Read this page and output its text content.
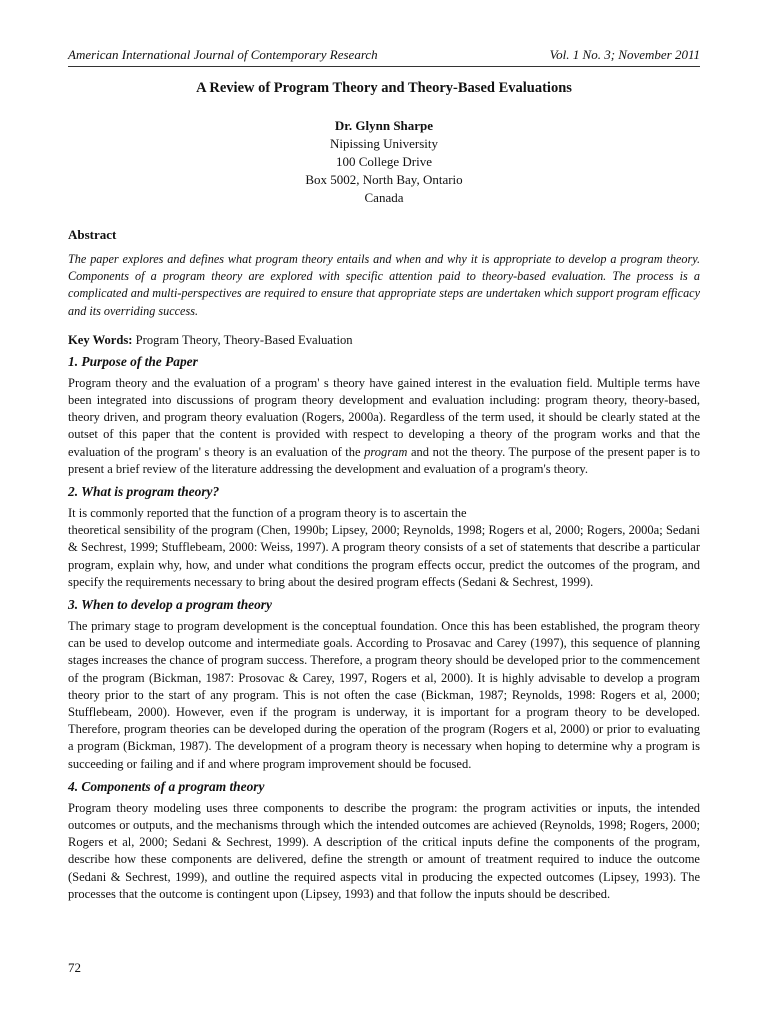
American International Journal of Contemporary Research	Vol. 1 No. 3; November 2011
A Review of Program Theory and Theory-Based Evaluations
Dr. Glynn Sharpe
Nipissing University
100 College Drive
Box 5002, North Bay, Ontario
Canada
Abstract
The paper explores and defines what program theory entails and when and why it is appropriate to develop a program theory. Components of a program theory are explored with specific attention paid to theory-based evaluation. The process is a complicated and multi-perspectives are required to ensure that appropriate steps are undertaken which support program efficacy and its overriding success.
Key Words: Program Theory, Theory-Based Evaluation
1. Purpose of the Paper

Program theory and the evaluation of a program' s theory have gained interest in the evaluation field. Multiple terms have been integrated into discussions of program theory development and evaluation including: program theory, theory-based, theory driven, and program theory evaluation (Rogers, 2000a). Regardless of the term used, it should be clearly stated at the outset of this paper that the content is provided with respect to developing a theory of the program works and that the evaluation of the program' s theory is an evaluation of the program and not the theory. The purpose of the present paper is to present a brief review of the literature addressing the development and evaluation of a program's theory.

2. What is program theory?

It is commonly reported that the function of a program theory is to ascertain the
theoretical sensibility of the program (Chen, 1990b; Lipsey, 2000; Reynolds, 1998; Rogers et al, 2000; Rogers, 2000a; Sedani & Sechrest, 1999; Stufflebeam, 2000: Weiss, 1997). A program theory consists of a set of statements that describe a particular program, explain why, how, and under what conditions the program effects occur, predict the outcomes of the program, and specify the requirements necessary to bring about the desired program effects (Sedani & Sechrest, 1999).

3. When to develop a program theory

The primary stage to program development is the conceptual foundation. Once this has been established, the program theory can be used to develop outcome and intermediate goals. According to Prosavac and Carey (1997), this sequence of planning stages increases the chance of program success. Therefore, a program theory should be developed prior to the commencement of the program (Bickman, 1987: Prosovac & Carey, 1997, Rogers et al, 2000). It is highly advisable to develop a program theory prior to the start of any program. This is not often the case (Bickman, 1987; Reynolds, 1998: Rogers et al, 2000; Stufflebeam, 2000). However, even if the program is underway, it is important for a program theory to be developed. Therefore, program theories can be developed during the operation of the program (Rogers et al, 2000) or prior to evaluating a program (Bickman, 1987). The development of a program theory is necessary when hoping to determine why a program is succeeding or failing and if and where program improvement should be focused.

4. Components of a program theory

Program theory modeling uses three components to describe the program: the program activities or inputs, the intended outcomes or outputs, and the mechanisms through which the intended outcomes are achieved (Reynolds, 1998; Rogers, 2000; Rogers et al, 2000; Sedani & Sechrest, 1999). A description of the critical inputs define the components of the program, describe how these components are delivered, define the strength or amount of treatment required to induce the outcome (Sedani & Sechrest, 1999), and outline the required aspects vital in producing the expected outcomes (Lipsey, 1993). The processes that the outcome is contingent upon (Lipsey, 1993) and that follow the inputs should be described.

72
